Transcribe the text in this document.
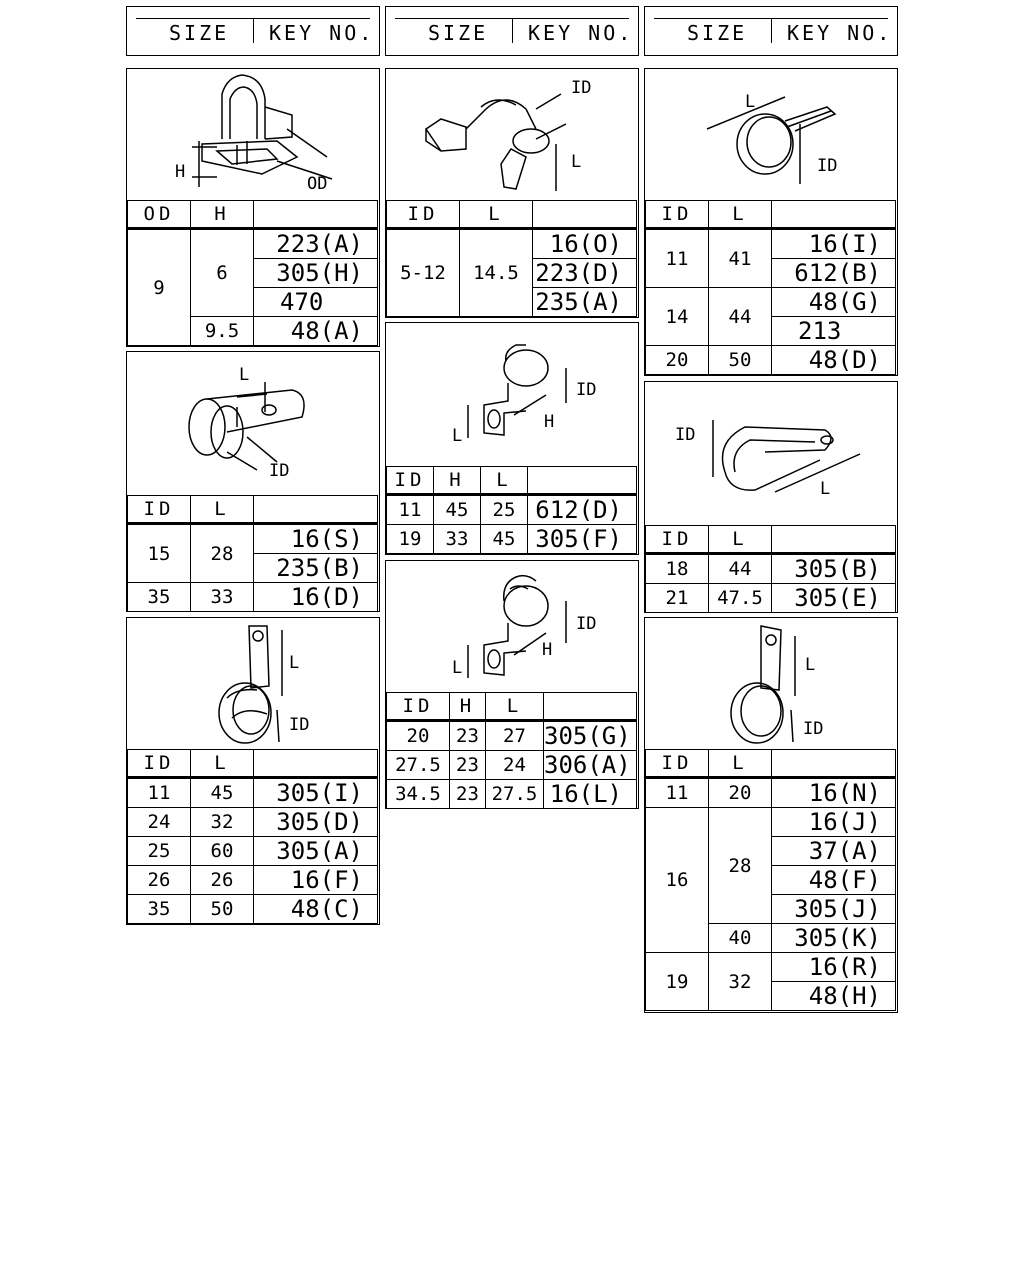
SIZE KEY NO.	SIZE KEY NO.	SIZE KEY NO.
H
OD
OD	H	
9	6	223(A)
		305(H)
		470
	9.5	48(A)
L
ID
ID	L	
15	28	16(S)
		235(B)
35	33	16(D)
L
ID
ID	L	
11	45	305(I)
24	32	305(D)
25	60	305(A)
26	26	16(F)
35	50	48(C)
ID
L
ID	L	
5-12	14.5	16(O)
		223(D)
		235(A)
ID
H
L
ID	H	L	
11	45	25	612(D)
19	33	45	305(F)
ID
H
L
ID	H	L	
20	23	27	305(G)
27.5	23	24	306(A)
34.5	23	27.5	16(L)
L
ID
ID	L	
11	41	16(I)
		612(B)
14	44	48(G)
		213
20	50	48(D)
ID
L
ID	L	
18	44	305(B)
21	47.5	305(E)
L
ID
ID	L	
11	20	16(N)
16	28	16(J)
		37(A)
		48(F)
		305(J)
	40	305(K)
19	32	16(R)
		48(H)
